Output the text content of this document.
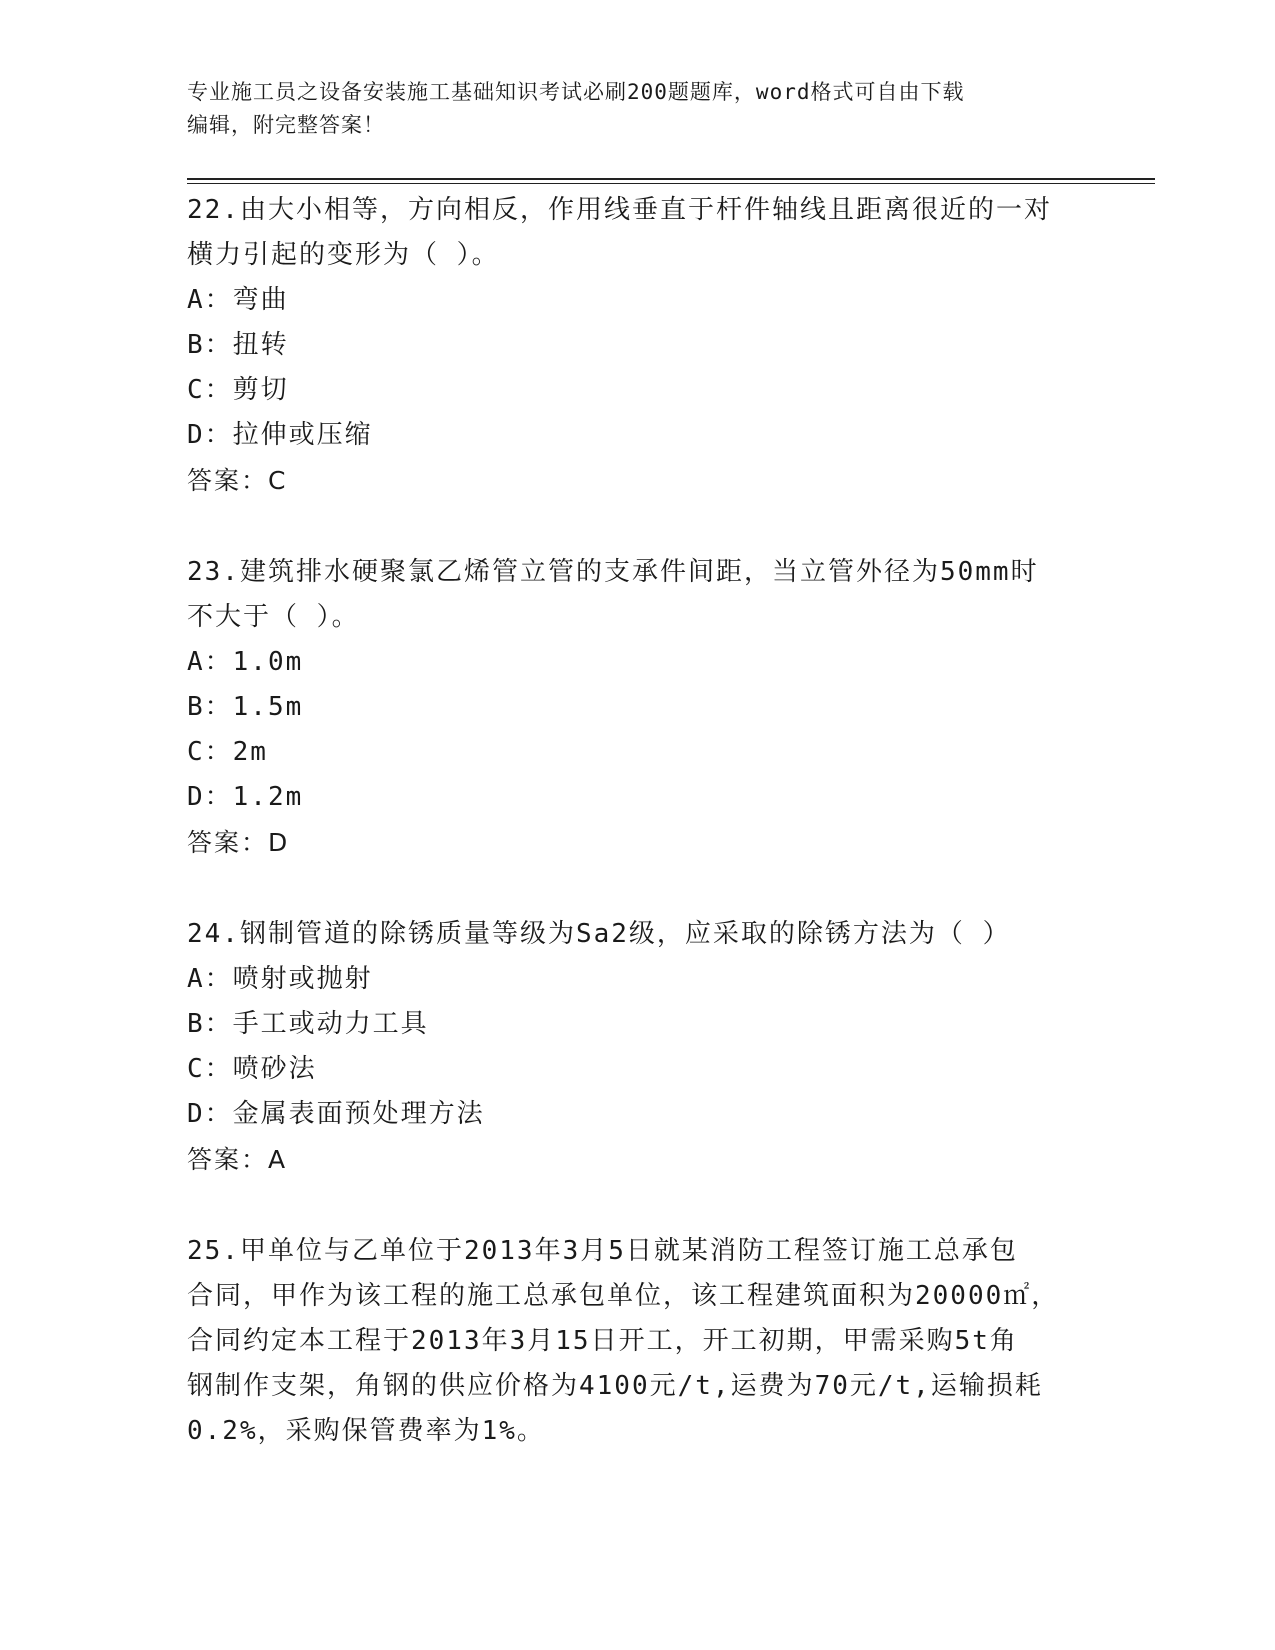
专业施工员之设备安装施工基础知识考试必刷200题题库，word格式可自由下载
编辑，附完整答案！
22.由大小相等，方向相反，作用线垂直于杆件轴线且距离很近的一对
横力引起的变形为（ ）。
A：弯曲
B：扭转
C：剪切
D：拉伸或压缩
答案：C
23.建筑排水硬聚氯乙烯管立管的支承件间距，当立管外径为50mm时
不大于（ ）。
A：1.0m
B：1.5m
C：2m
D：1.2m
答案：D
24.钢制管道的除锈质量等级为Sa2级，应采取的除锈方法为（ ）
A：喷射或抛射
B：手工或动力工具
C：喷砂法
D：金属表面预处理方法
答案：A
25.甲单位与乙单位于2013年3月5日就某消防工程签订施工总承包
合同，甲作为该工程的施工总承包单位，该工程建筑面积为20000㎡，
合同约定本工程于2013年3月15日开工，开工初期，甲需采购5t角
钢制作支架，角钢的供应价格为4100元/t,运费为70元/t,运输损耗
0.2%，采购保管费率为1%。
